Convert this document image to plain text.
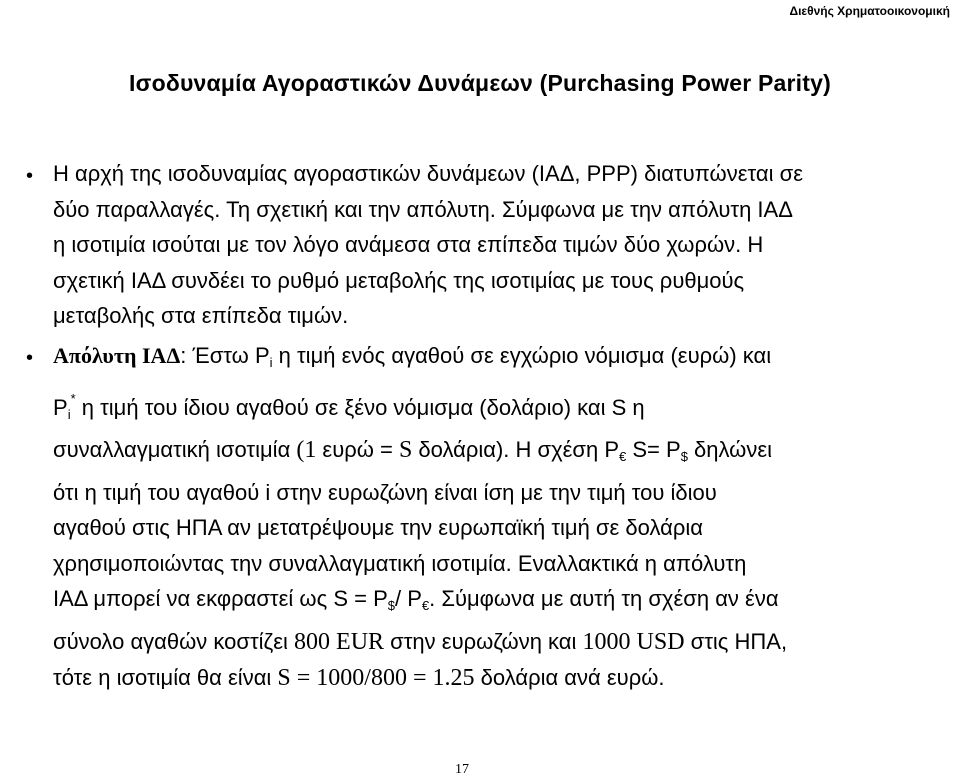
Διεθνής Χρηματοοικονομική
Ισοδυναμία Αγοραστικών Δυνάμεων (Purchasing Power Parity)
• Η αρχή της ισοδυναμίας αγοραστικών δυνάμεων (ΙΑΔ, PPP) διατυπώνεται σε
δύο παραλλαγές. Τη σχετική και την απόλυτη. Σύμφωνα με την απόλυτη ΙΑΔ
η ισοτιμία ισούται με τον λόγο ανάμεσα στα επίπεδα τιμών δύο χωρών. Η
σχετική ΙΑΔ συνδέει το ρυθμό μεταβολής της ισοτιμίας με τους ρυθμούς
μεταβολής στα επίπεδα τιμών.
• Απόλυτη ΙΑΔ: Έστω $P_i$ η τιμή ενός αγαθού σε εγχώριο νόμισμα (ευρώ) και
$P_i^*$ η τιμή του ίδιου αγαθού σε ξένο νόμισμα (δολάριο) και S η
συναλλαγματική ισοτιμία (1 ευρώ = S δολάρια). Η σχέση $P_€$ $S= P_{\$}$ δηλώνει
ότι η τιμή του αγαθού i στην ευρωζώνη είναι ίση με την τιμή του ίδιου
αγαθού στις ΗΠΑ αν μετατρέψουμε την ευρωπαϊκή τιμή σε δολάρια
χρησιμοποιώντας την συναλλαγματική ισοτιμία. Εναλλακτικά η απόλυτη
ΙΑΔ μπορεί να εκφραστεί ως $S = P_{\$}/$ $P_€$. Σύμφωνα με αυτή τη σχέση αν ένα
σύνολο αγαθών κοστίζει 800 EUR στην ευρωζώνη και 1000 USD στις ΗΠΑ,
τότε η ισοτιμία θα είναι S = 1000/800 = 1.25 δολάρια ανά ευρώ.
17
